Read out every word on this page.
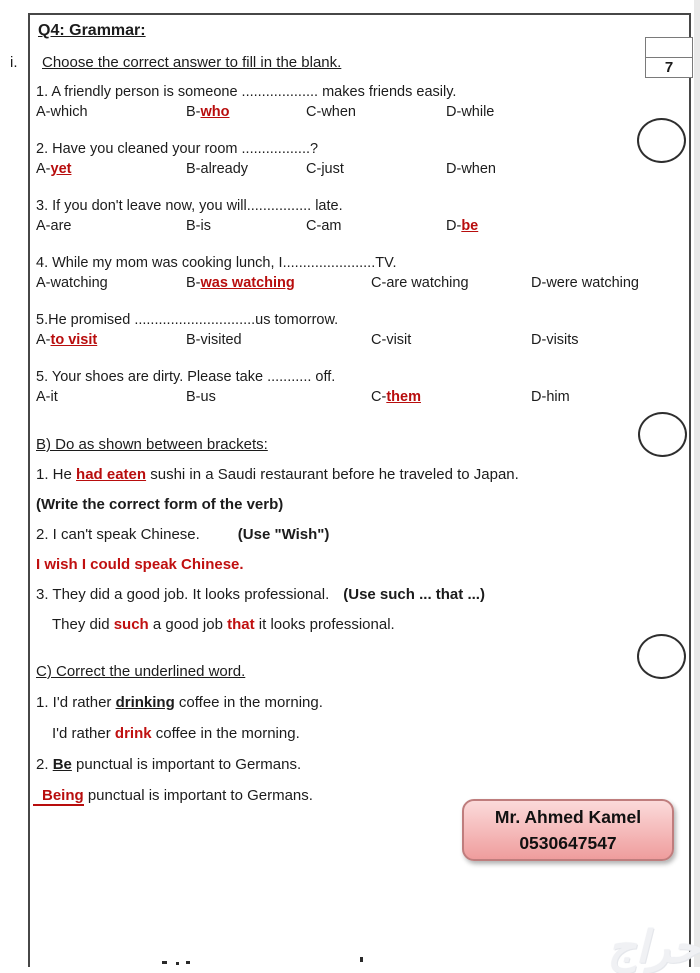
Q4: Grammar:
i. Choose the correct answer to fill in the blank.
1. A friendly person is someone ................... makes friends easily.
A-which	B-who	C-when	D-while
2. Have you cleaned your room .................?
A-yet	B-already	C-just	D-when
3. If you don't leave now, you will................ late.
A-are	B-is	C-am	D-be
4. While my mom was cooking lunch, I.......................TV.
A-watching	B-was watching	C-are watching	D-were watching
5.He promised ..............................us tomorrow.
A-to visit	B-visited	C-visit	D-visits
5. Your shoes are dirty. Please take ........... off.
A-it	B-us	C-them	D-him
B) Do as shown between brackets:
1. He had eaten sushi in a Saudi restaurant before he traveled to Japan.
(Write the correct form of the verb)
2. I can't speak Chinese.	(Use "Wish")
I wish I could speak Chinese.
3. They did a good job. It looks professional. (Use such ... that ...)
They did such a good job that it looks professional.
C) Correct the underlined word.
1. I'd rather drinking coffee in the morning.
I'd rather drink coffee in the morning.
2. Be punctual is important to Germans.
Being punctual is important to Germans.
7
Mr. Ahmed Kamel
0530647547
حراج
